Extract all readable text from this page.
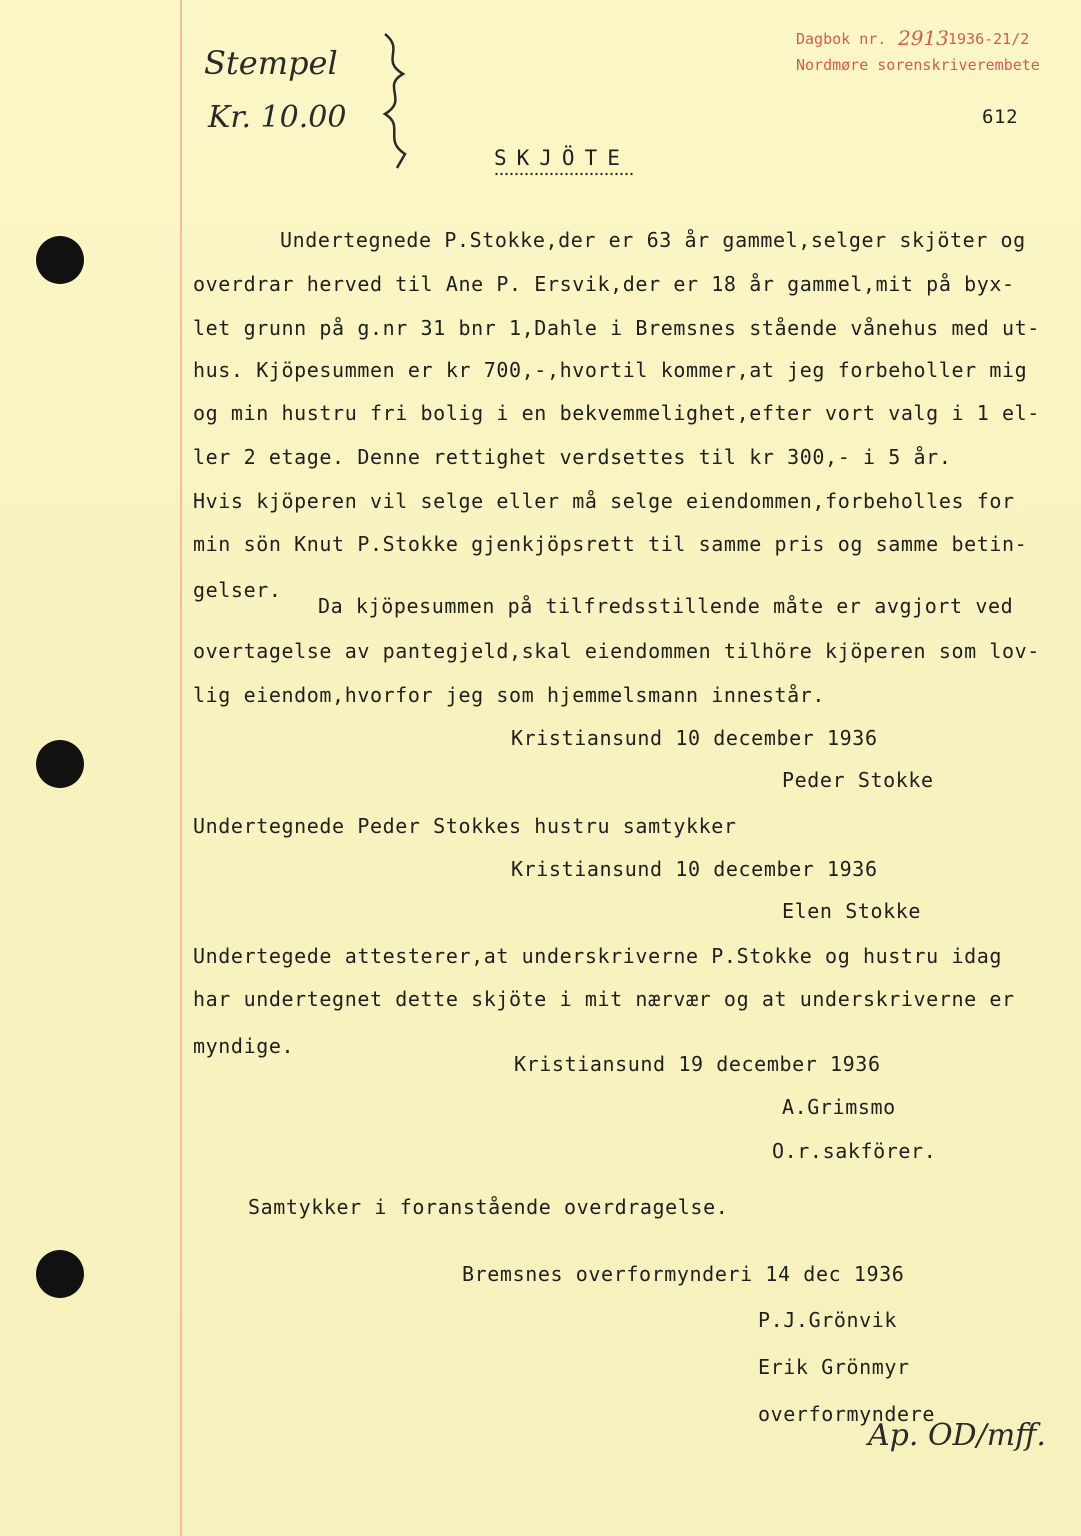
Stempel
Kr. 10.00
Dagbok nr. 2913 1936-21/2
Nordmøre sorenskriverembete
612
SKJÖTE
Undertegnede P.Stokke,der er 63 år gammel,selger skjöter og
overdrar herved til Ane P. Ersvik,der er 18 år gammel,mit på byx-
let grunn på g.nr 31 bnr 1,Dahle i Bremsnes stående vånehus med ut-
hus. Kjöpesummen er kr 700,-,hvortil kommer,at jeg forbeholler mig
og min hustru fri bolig i en bekvemmelighet,efter vort valg i 1 el-
ler 2 etage. Denne rettighet verdsettes til kr 300,- i 5 år.
Hvis kjöperen vil selge eller må selge eiendommen,forbeholles for
min sön Knut P.Stokke gjenkjöpsrett til samme pris og samme betin-
gelser.
Da kjöpesummen på tilfredsstillende måte er avgjort ved
overtagelse av pantegjeld,skal eiendommen tilhöre kjöperen som lov-
lig eiendom,hvorfor jeg som hjemmelsmann innestår.
Kristiansund 10 december 1936
Peder Stokke
Undertegnede Peder Stokkes hustru samtykker
Kristiansund 10 december 1936
Elen Stokke
Undertegede attesterer,at underskriverne P.Stokke og hustru idag
har undertegnet dette skjöte i mit nærvær og at underskriverne er
myndige.
Kristiansund 19 december 1936
A.Grimsmo
O.r.sakförer.
Samtykker i foranstående overdragelse.
Bremsnes overformynderi 14 dec 1936
P.J.Grönvik
Erik Grönmyr
overformyndere
Ap. OD/mff.
